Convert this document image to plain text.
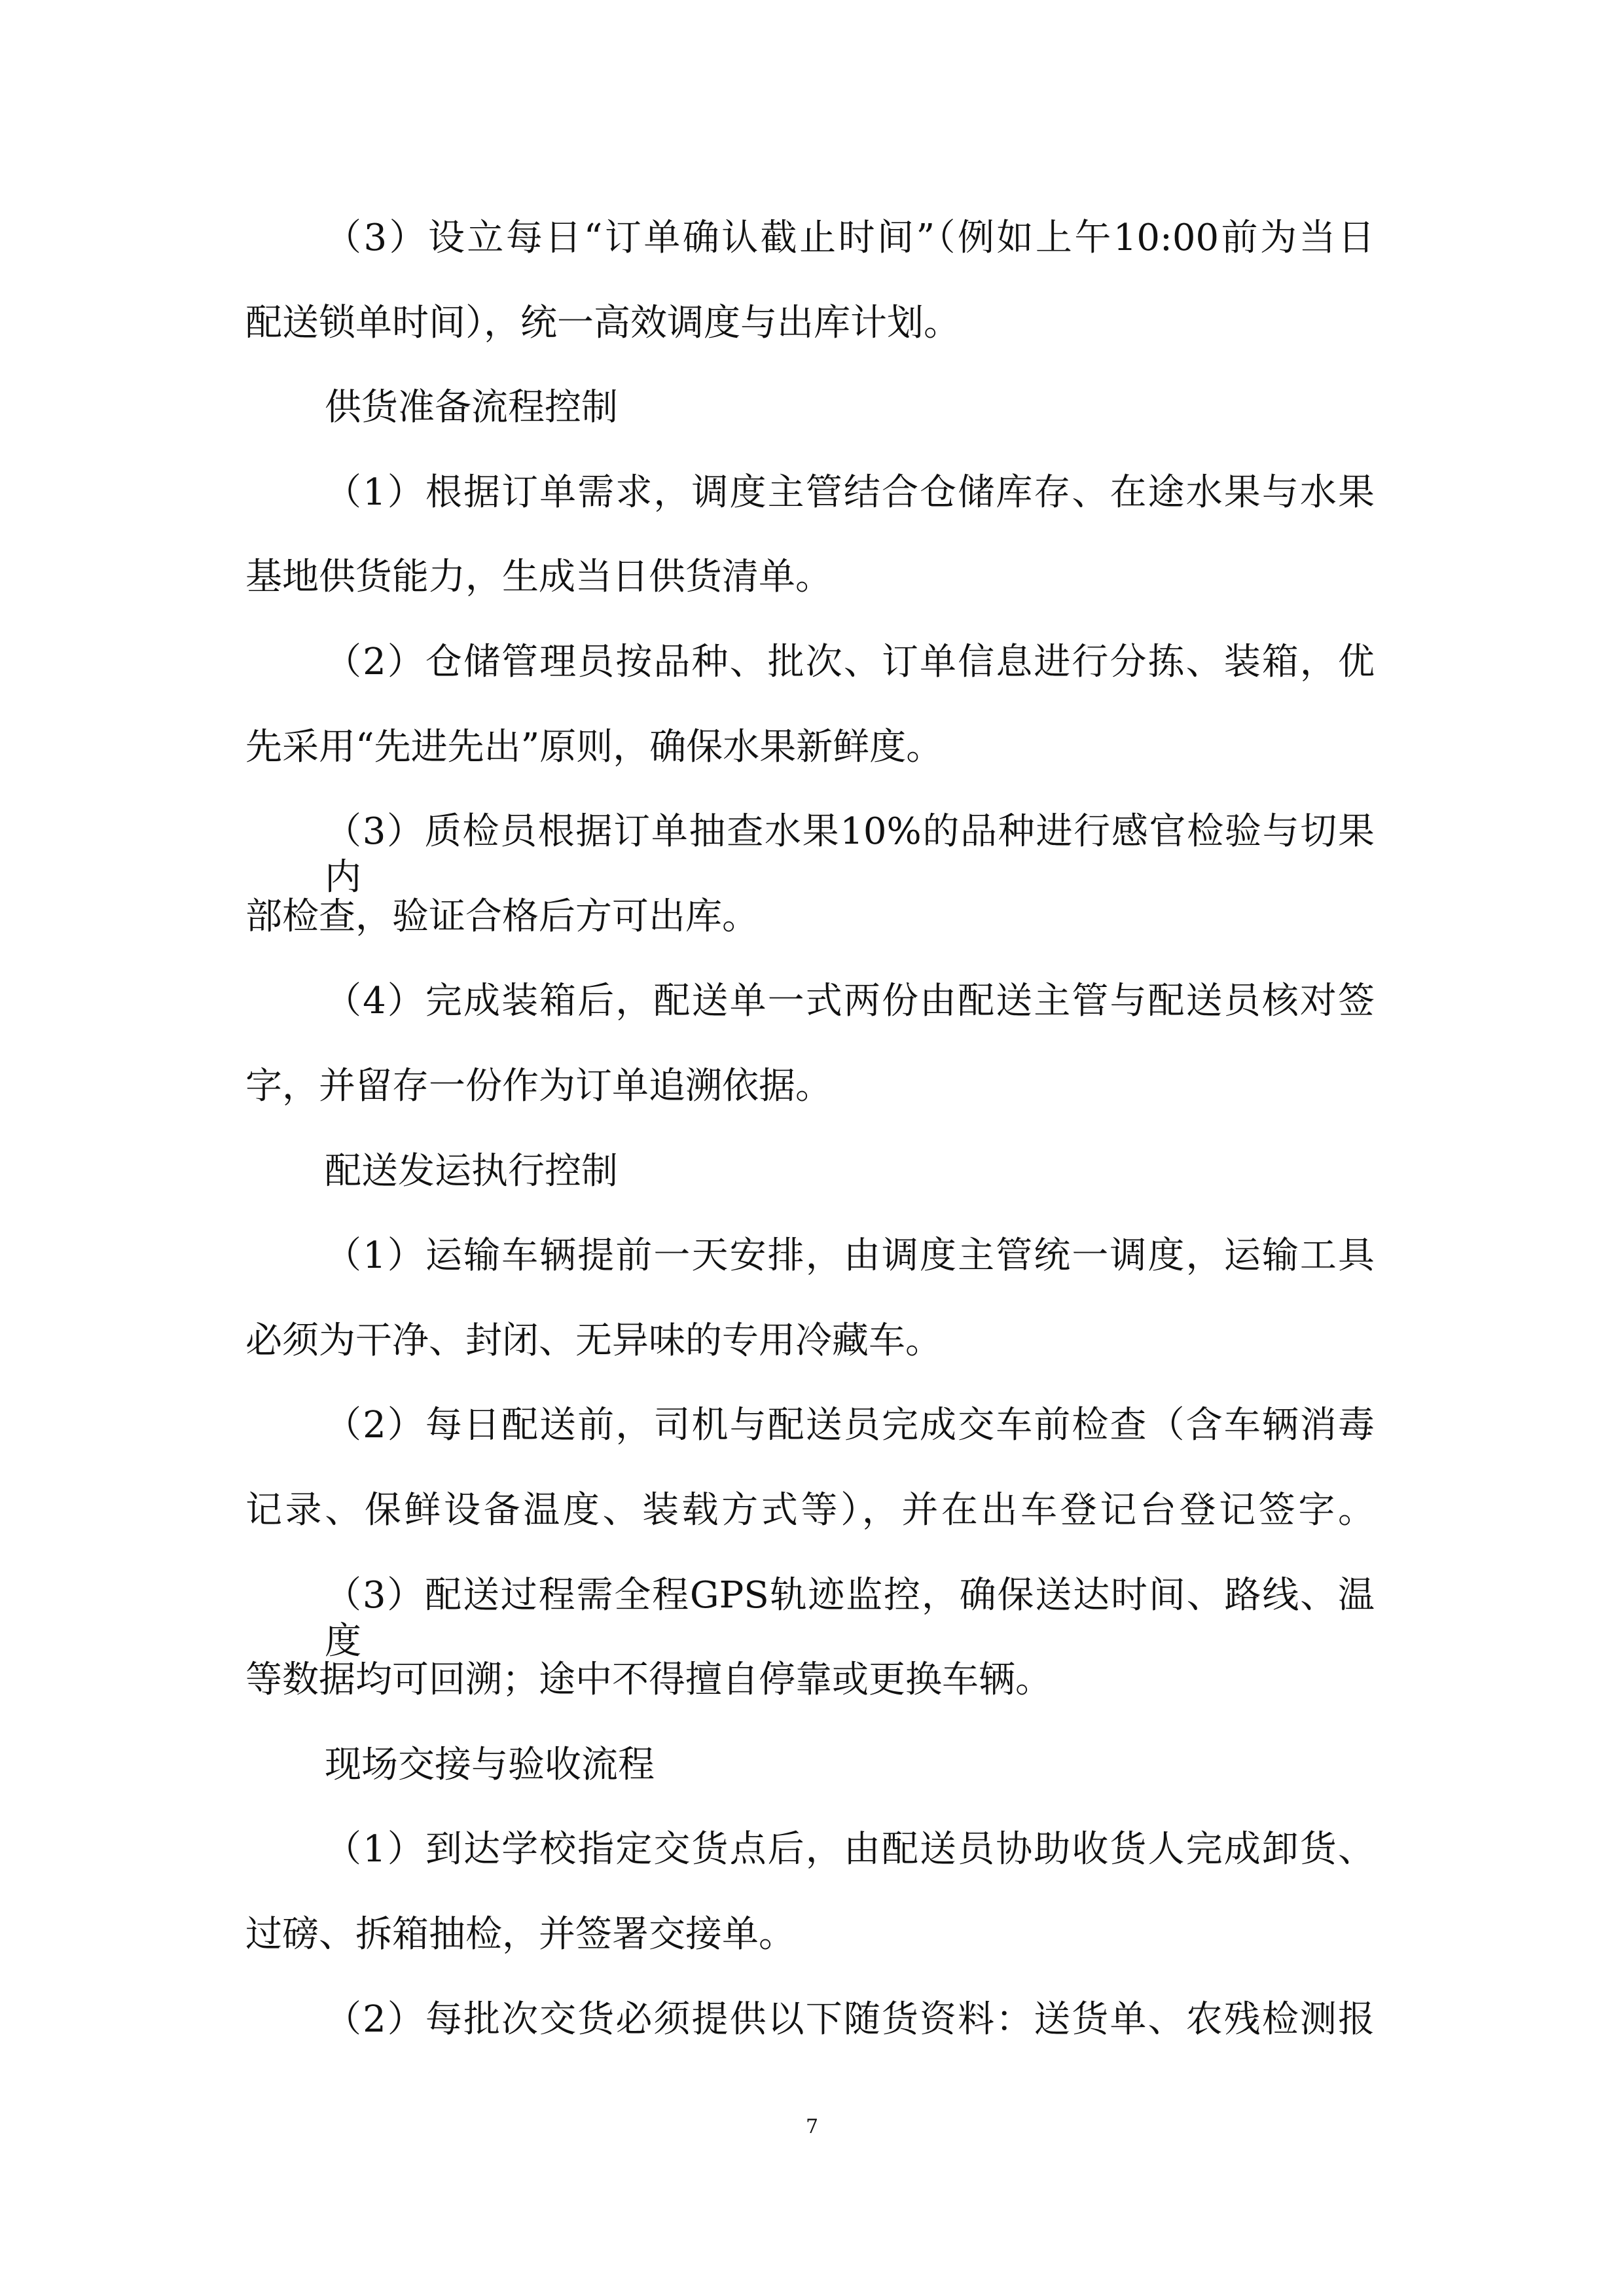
（3）设立每日“订单确认截止时间”（例如上午10:00前为当日
配送锁单时间），统一高效调度与出库计划。
供货准备流程控制
（1）根据订单需求，调度主管结合仓储库存、在途水果与水果
基地供货能力，生成当日供货清单。
（2）仓储管理员按品种、批次、订单信息进行分拣、装箱，优
先采用“先进先出”原则，确保水果新鲜度。
（3）质检员根据订单抽查水果10%的品种进行感官检验与切果内
部检查，验证合格后方可出库。
（4）完成装箱后，配送单一式两份由配送主管与配送员核对签
字，并留存一份作为订单追溯依据。
配送发运执行控制
（1）运输车辆提前一天安排，由调度主管统一调度，运输工具
必须为干净、封闭、无异味的专用冷藏车。
（2）每日配送前，司机与配送员完成交车前检查（含车辆消毒
记录、保鲜设备温度、装载方式等），并在出车登记台登记签字。
（3）配送过程需全程GPS轨迹监控，确保送达时间、路线、温度
等数据均可回溯；途中不得擅自停靠或更换车辆。
现场交接与验收流程
（1）到达学校指定交货点后，由配送员协助收货人完成卸货、
过磅、拆箱抽检，并签署交接单。
（2）每批次交货必须提供以下随货资料：送货单、农残检测报
7
